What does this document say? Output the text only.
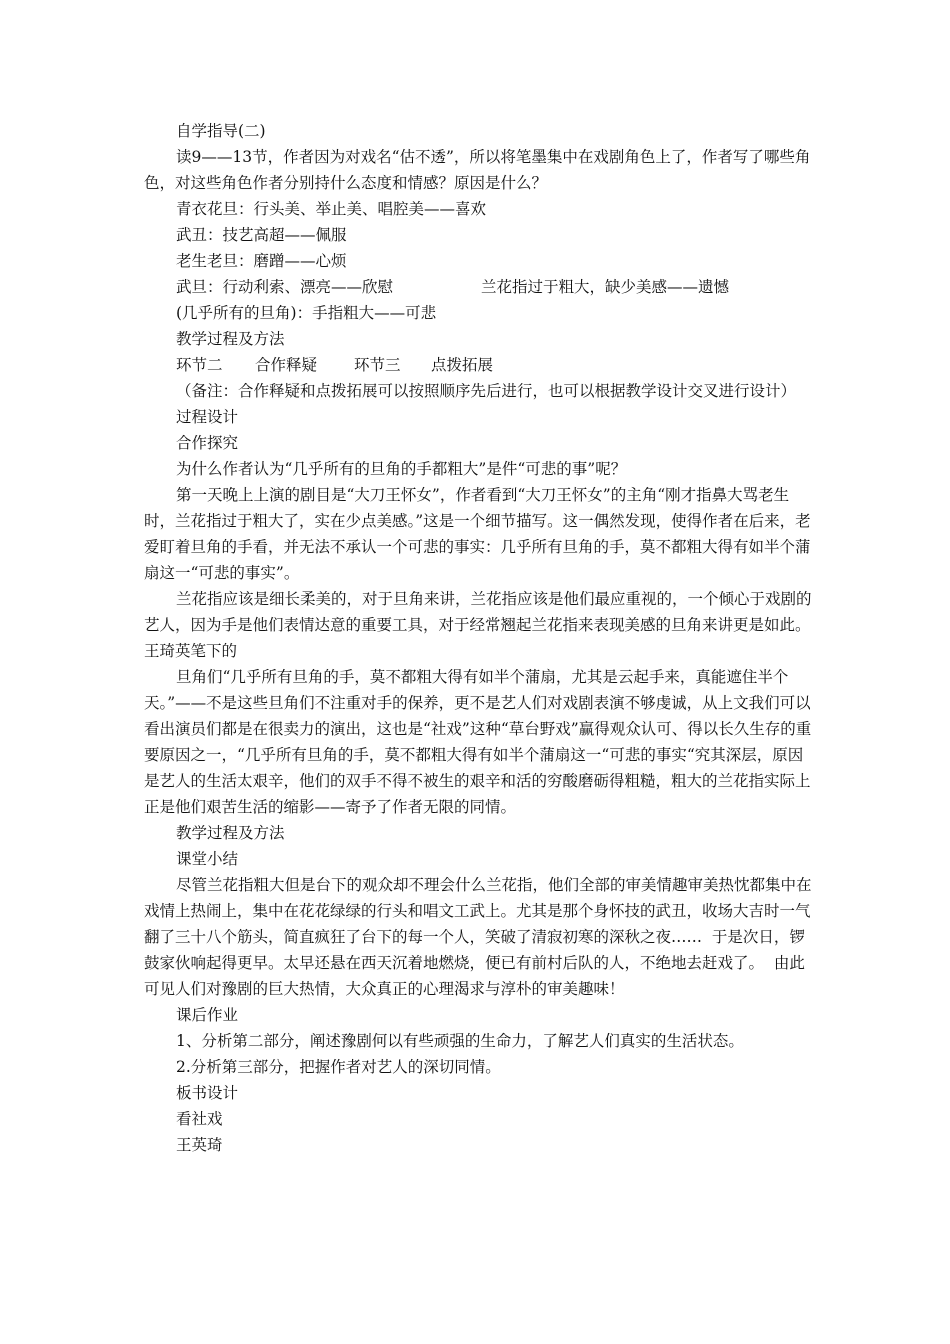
自学指导(二)

读9——13节，作者因为对戏名“估不透”，所以将笔墨集中在戏剧角色上了，作者写了哪些角色，对这些角色作者分别持什么态度和情感？原因是什么？

青衣花旦：行头美、举止美、唱腔美——喜欢
武丑：技艺高超——佩服
老生老旦：磨蹭——心烦

武旦：行动利索、漂亮——欣慰

	兰花指过于粗大，缺少美感——遗憾

(几乎所有的旦角)：手指粗大——可悲
教学过程及方法

环节二

合作释疑

环节三

点拨拓展

（备注：合作释疑和点拨拓展可以按照顺序先后进行，也可以根据教学设计交叉进行设计）

过程设计
合作探究
为什么作者认为“几乎所有的旦角的手都粗大”是件“可悲的事”呢？

第一天晚上上演的剧目是“大刀王怀女”，作者看到“大刀王怀女”的主角“刚才指鼻大骂老生时，兰花指过于粗大了，实在少点美感。”这是一个细节描写。这一偶然发现，使得作者在后来，老爱盯着旦角的手看，并无法不承认一个可悲的事实：几乎所有旦角的手，莫不都粗大得有如半个蒲扇这一“可悲的事实”。

兰花指应该是细长柔美的，对于旦角来讲，兰花指应该是他们最应重视的，一个倾心于戏剧的艺人，因为手是他们表情达意的重要工具，对于经常翘起兰花指来表现美感的旦角来讲更是如此。王琦英笔下的

旦角们“几乎所有旦角的手，莫不都粗大得有如半个蒲扇，尤其是云起手来，真能遮住半个天。”——不是这些旦角们不注重对手的保养，更不是艺人们对戏剧表演不够虔诚，从上文我们可以看出演员们都是在很卖力的演出，这也是“社戏”这种“草台野戏”赢得观众认可、得以长久生存的重要原因之一，“几乎所有旦角的手，莫不都粗大得有如半个蒲扇这一“可悲的事实“究其深层，原因是艺人的生活太艰辛，他们的双手不得不被生的艰辛和活的穷酸磨砺得粗糙，粗大的兰花指实际上正是他们艰苦生活的缩影——寄予了作者无限的同情。

教学过程及方法
课堂小结

尽管兰花指粗大但是台下的观众却不理会什么兰花指，他们全部的审美情趣审美热忱都集中在戏情上热闹上，集中在花花绿绿的行头和唱文工武上。尤其是那个身怀技的武丑，收场大吉时一气翻了三十八个筋头，简直疯狂了台下的每一个人，笑破了清寂初寒的深秋之夜……  于是次日，锣鼓家伙响起得更早。太早还悬在西天沉着地燃烧，便已有前村后队的人，不绝地去赶戏了。  由此可见人们对豫剧的巨大热情，大众真正的心理渴求与淳朴的审美趣味！

课后作业
1、分析第二部分，阐述豫剧何以有些顽强的生命力，了解艺人们真实的生活状态。
2.分析第三部分，把握作者对艺人的深切同情。
板书设计
看社戏
王英琦
